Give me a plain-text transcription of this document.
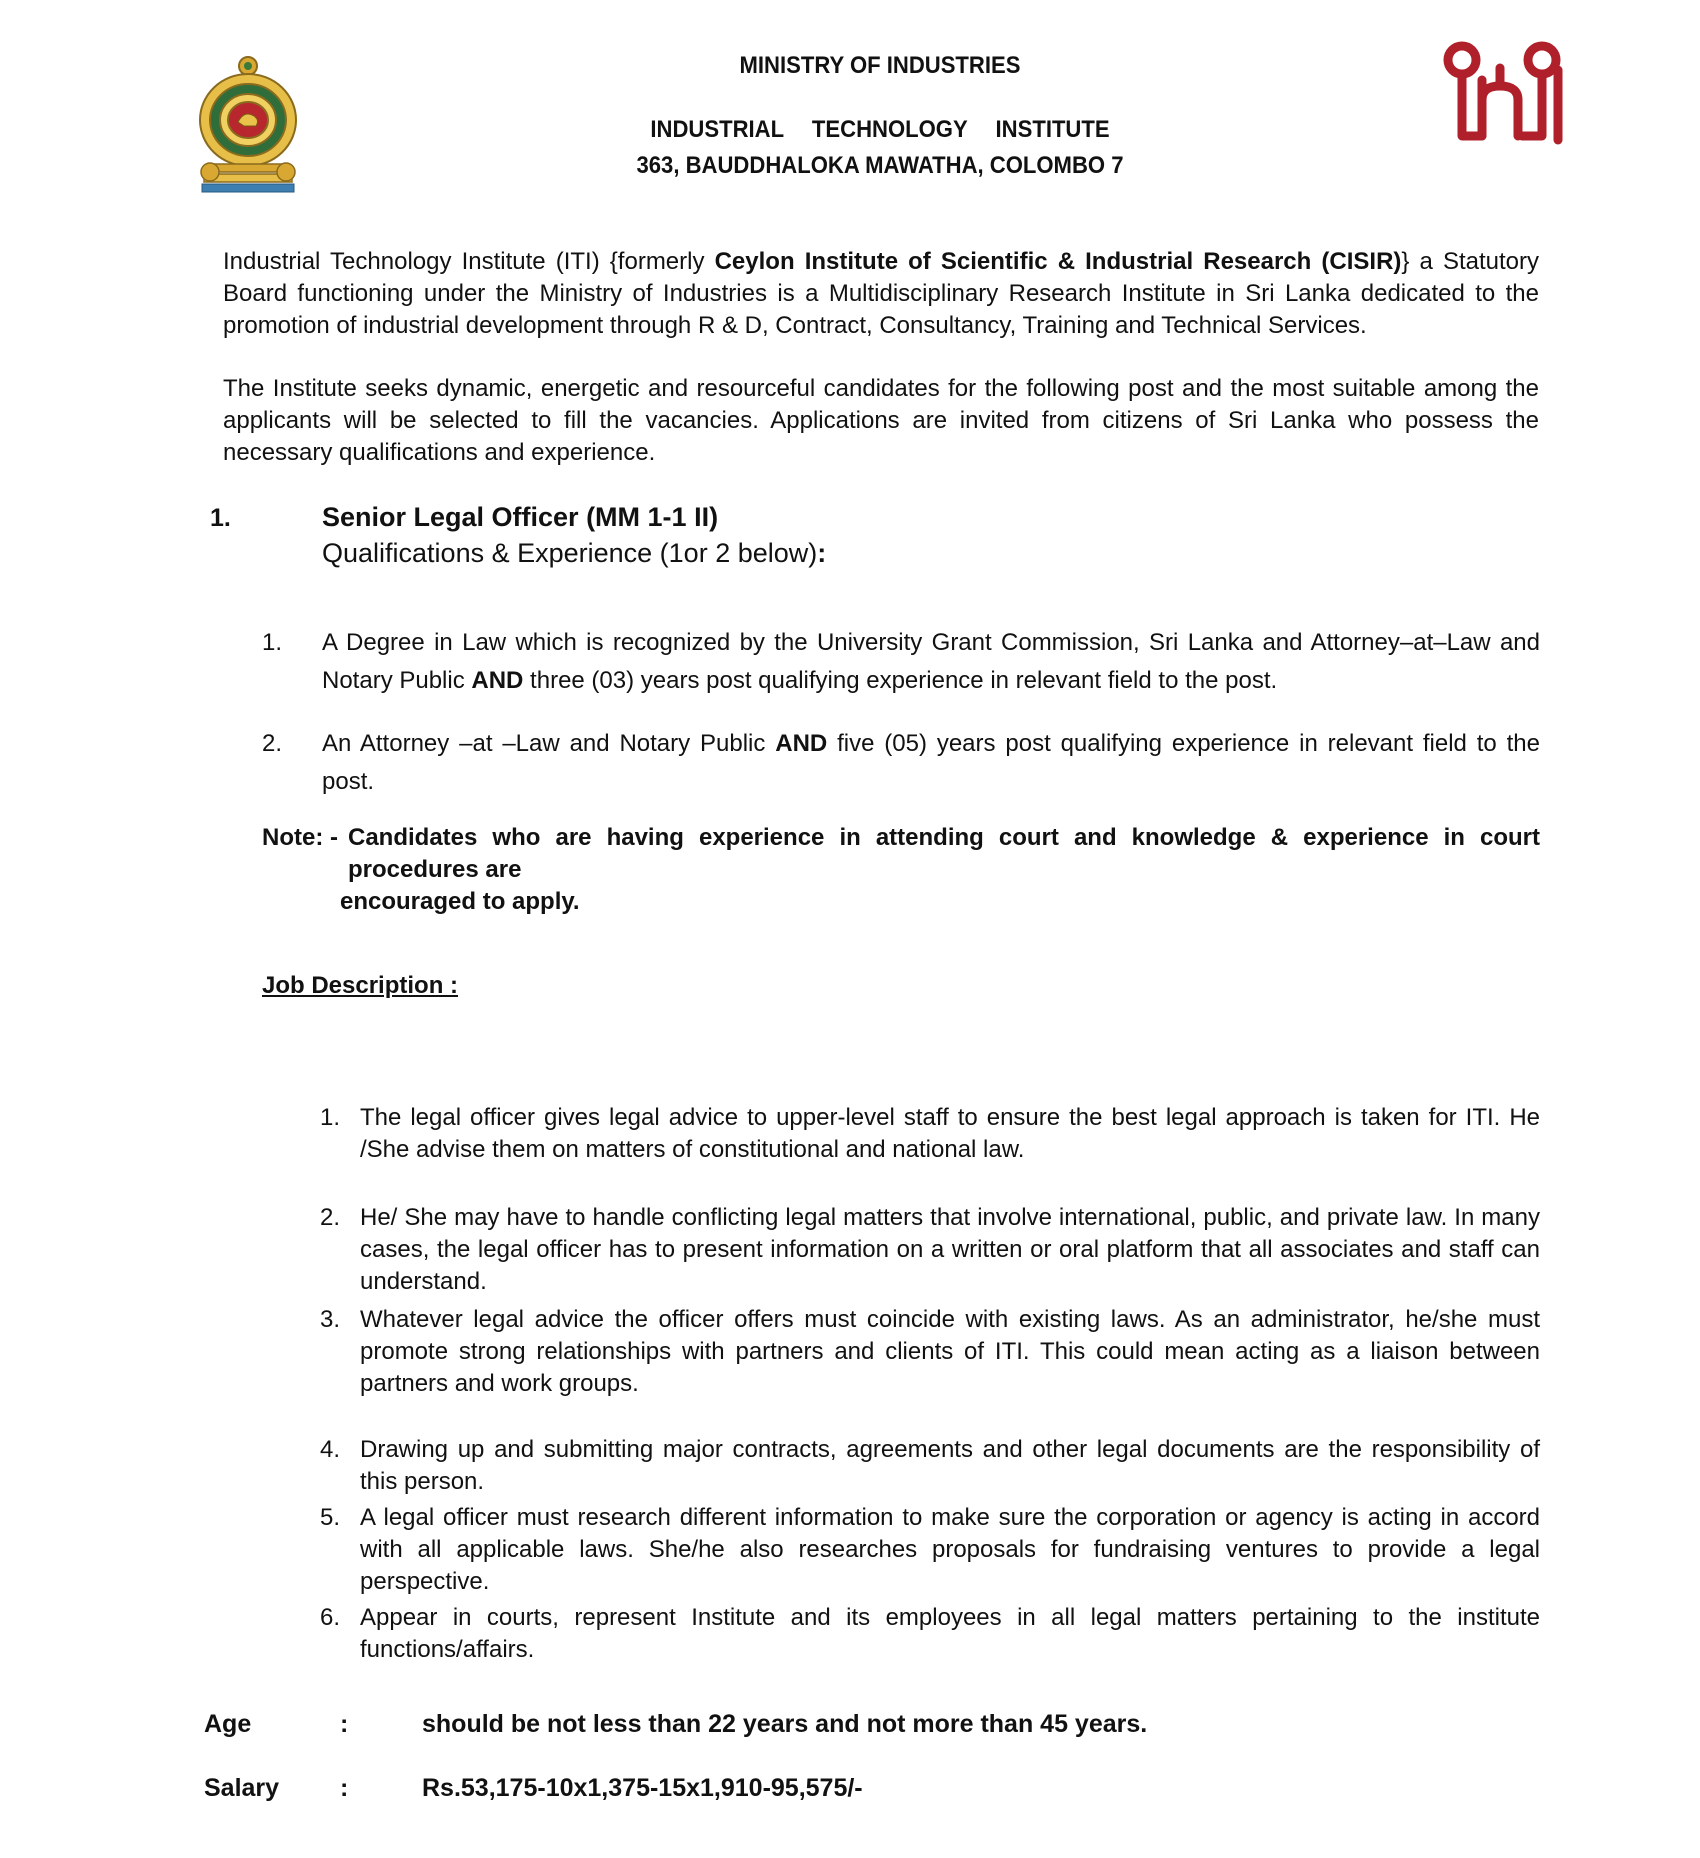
MINISTRY OF INDUSTRIES
INDUSTRIAL TECHNOLOGY INSTITUTE
363, BAUDDHALOKA MAWATHA, COLOMBO 7
Industrial Technology Institute (ITI) {formerly Ceylon Institute of Scientific & Industrial Research (CISIR)} a Statutory Board functioning under the Ministry of Industries is a Multidisciplinary Research Institute in Sri Lanka dedicated to the promotion of industrial development through R & D, Contract, Consultancy, Training and Technical Services.
The Institute seeks dynamic, energetic and resourceful candidates for the following post and the most suitable among the applicants will be selected to fill the vacancies. Applications are invited from citizens of Sri Lanka who possess the necessary qualifications and experience.
1.	Senior Legal Officer (MM 1-1 II)
Qualifications & Experience (1or 2 below):
1. A Degree in Law which is recognized by the University Grant Commission, Sri Lanka and Attorney–at–Law and Notary Public AND three (03) years post qualifying experience in relevant field to the post.
2. An Attorney –at –Law and Notary Public AND five (05) years post qualifying experience in relevant field to the post.
Note: - Candidates who are having experience in attending court and knowledge & experience in court procedures are
encouraged to apply.
Job Description :
1. The legal officer gives legal advice to upper-level staff to ensure the best legal approach is taken for ITI. He /She advise them on matters of constitutional and national law.
2. He/ She may have to handle conflicting legal matters that involve international, public, and private law. In many cases, the legal officer has to present information on a written or oral platform that all associates and staff can understand.
3. Whatever legal advice the officer offers must coincide with existing laws. As an administrator, he/she must promote strong relationships with partners and clients of ITI. This could mean acting as a liaison between partners and work groups.
4. Drawing up and submitting major contracts, agreements and other legal documents are the responsibility of this person.
5. A legal officer must research different information to make sure the corporation or agency is acting in accord with all applicable laws. She/he also researches proposals for fundraising ventures to provide a legal perspective.
6. Appear in courts, represent Institute and its employees in all legal matters pertaining to the institute functions/affairs.
Age	:	should be not less than 22 years and not more than 45 years.
Salary :	Rs.53,175-10x1,375-15x1,910-95,575/-
